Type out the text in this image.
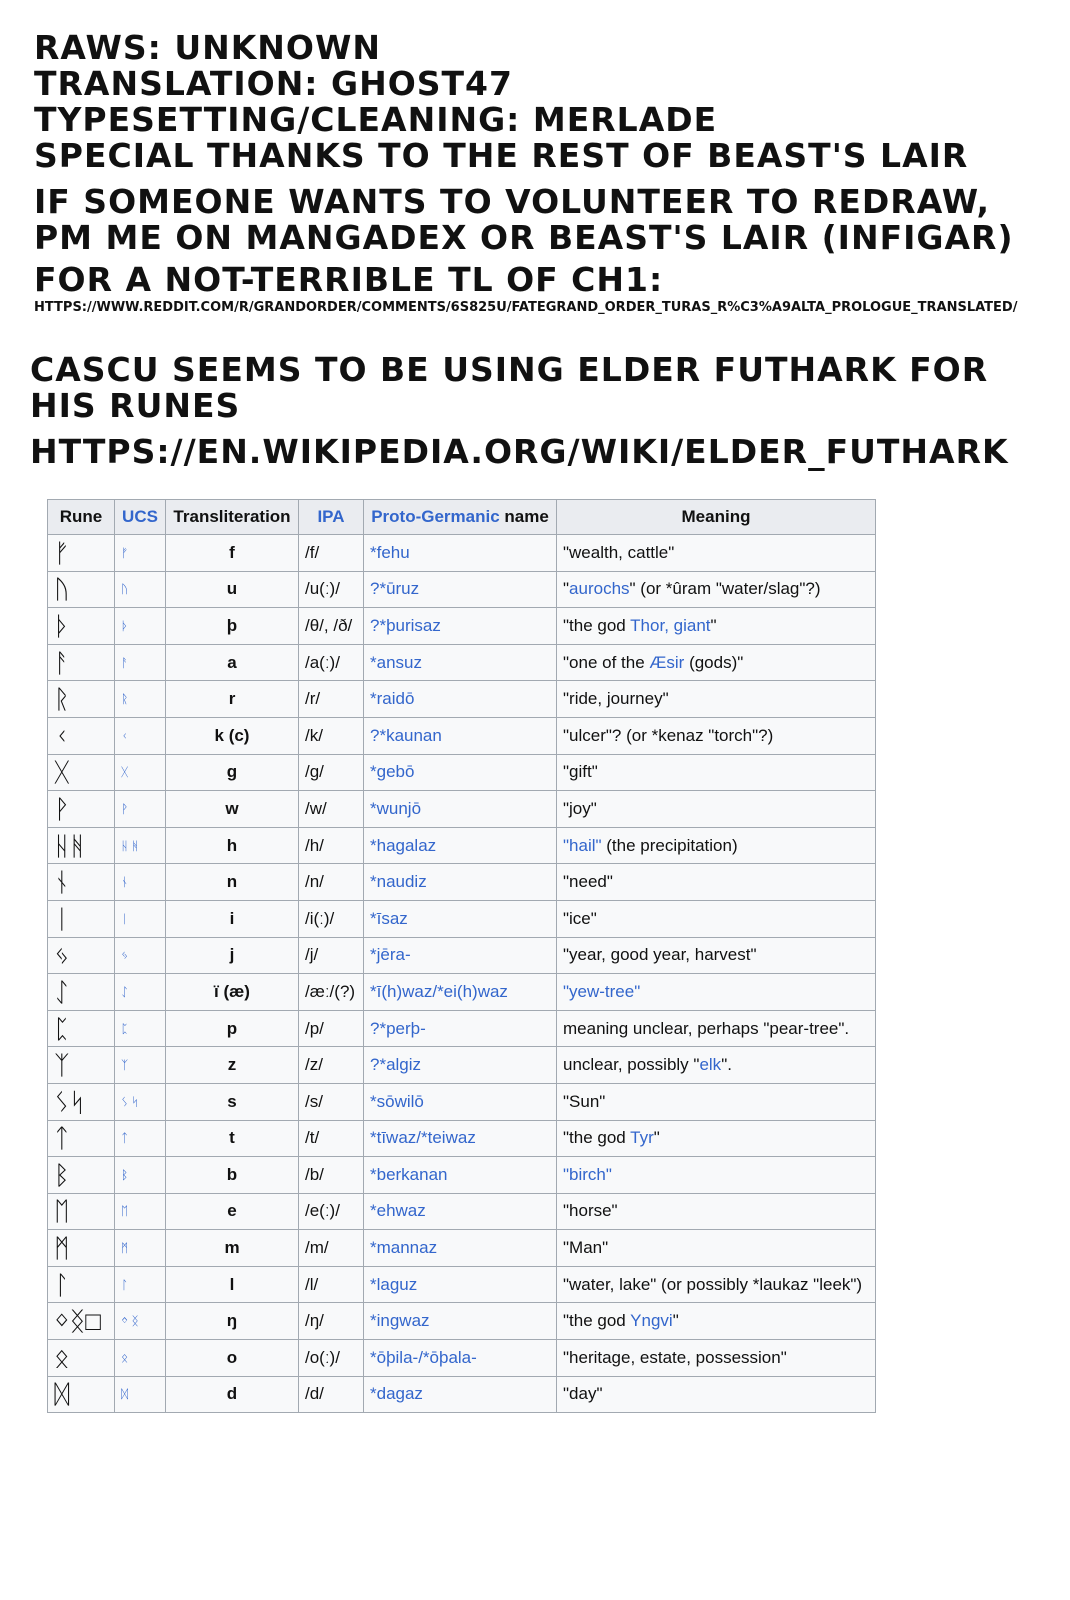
RAWS: UNKNOWN

TRANSLATION: GHOST47

TYPESETTING/CLEANING: MERLADE

SPECIAL THANKS TO THE REST OF BEAST'S LAIR

IF SOMEONE WANTS TO VOLUNTEER TO REDRAW,

PM ME ON MANGADEX OR BEAST'S LAIR (INFIGAR)

FOR A NOT-TERRIBLE TL OF CH1:

HTTPS://WWW.REDDIT.COM/R/GRANDORDER/COMMENTS/6S825U/FATEGRAND_ORDER_TURAS_R%C3%A9ALTA_PROLOGUE_TRANSLATED/

CASCU SEEMS TO BE USING ELDER FUTHARK FOR

HIS RUNES

HTTPS://EN.WIKIPEDIA.ORG/WIKI/ELDER_FUTHARK

Rune	UCS	Transliteration	IPA	Proto-Germanic name	Meaning
ᚠ	ᚠ	f	/f/	*fehu	"wealth, cattle"
ᚢ	ᚢ	u	/u(ː)/	?*ūruz	"aurochs" (or *ûram "water/slag"?)
ᚦ	ᚦ	þ	/θ/, /ð/	?*þurisaz	"the god Thor, giant"
ᚨ	ᚨ	a	/a(ː)/	*ansuz	"one of the Æsir (gods)"
ᚱ	ᚱ	r	/r/	*raidō	"ride, journey"
ᚲ	ᚲ	k (c)	/k/	?*kaunan	"ulcer"? (or *kenaz "torch"?)
ᚷ	ᚷ	g	/g/	*gebō	"gift"
ᚹ	ᚹ	w	/w/	*wunjō	"joy"
ᚺᚻ	ᚺ ᚻ	h	/h/	*hagalaz	"hail" (the precipitation)
ᚾ	ᚾ	n	/n/	*naudiz	"need"
ᛁ	ᛁ	i	/i(ː)/	*īsaz	"ice"
ᛃ	ᛃ	j	/j/	*jēra-	"year, good year, harvest"
ᛇ	ᛇ	ï (æ)	/æː/(?)	*ī(h)waz/*ei(h)waz	"yew-tree"
ᛈ	ᛈ	p	/p/	?*perþ-	meaning unclear, perhaps "pear-tree".
ᛉ	ᛉ	z	/z/	?*algiz	unclear, possibly "elk".
ᛊᛋ	ᛊ ᛋ	s	/s/	*sōwilō	"Sun"
ᛏ	ᛏ	t	/t/	*tīwaz/*teiwaz	"the god Tyr"
ᛒ	ᛒ	b	/b/	*berkanan	"birch"
ᛖ	ᛖ	e	/e(ː)/	*ehwaz	"horse"
ᛗ	ᛗ	m	/m/	*mannaz	"Man"
ᛚ	ᛚ	l	/l/	*laguz	"water, lake" (or possibly *laukaz "leek")
ᛜᛝ□	ᛜ ᛝ	ŋ	/ŋ/	*ingwaz	"the god Yngvi"
ᛟ	ᛟ	o	/o(ː)/	*ōþila-/*ōþala-	"heritage, estate, possession"
ᛞ	ᛞ	d	/d/	*dagaz	"day"
